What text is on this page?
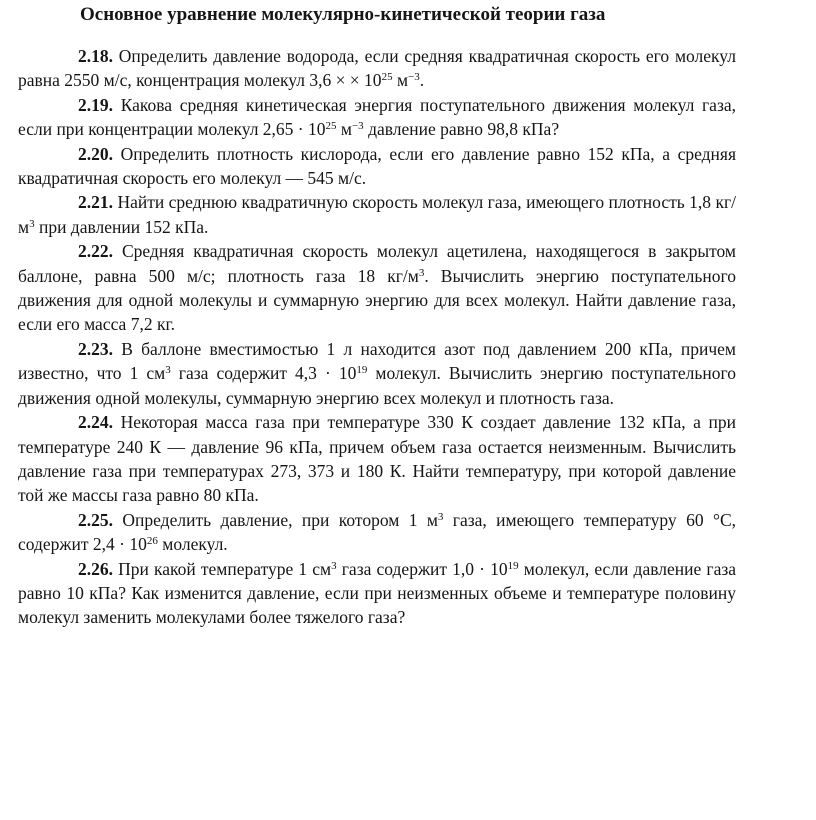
Основное уравнение молекулярно-кинетической теории газа

2.18. Определить давление водорода, если средняя квадратичная скорость его молекул равна 2550 м/с, концентрация молекул 3,6 × × $10^{25}$ $м^{-3}$.

2.19. Какова средняя кинетическая энергия поступательного движения молекул газа, если при концентрации молекул $2,65 \cdot 10^{25}$ $м^{-3}$ давление равно 98,8 кПа?

2.20. Определить плотность кислорода, если его давление равно 152 кПа, а средняя квадратичная скорость его молекул — 545 м/с.

2.21. Найти среднюю квадратичную скорость молекул газа, имеющего плотность 1,8 $кг/м^3$ при давлении 152 кПа.

2.22. Средняя квадратичная скорость молекул ацетилена, находящегося в закрытом баллоне, равна 500 м/с; плотность газа 18 $кг/м^3$. Вычислить энергию поступательного движения для одной молекулы и суммарную энергию для всех молекул. Найти давление газа, если его масса 7,2 кг.

2.23. В баллоне вместимостью 1 л находится азот под давлением 200 кПа, причем известно, что 1 $см^3$ газа содержит $4,3 \cdot 10^{19}$ молекул. Вычислить энергию поступательного движения одной молекулы, суммарную энергию всех молекул и плотность газа.

2.24. Некоторая масса газа при температуре 330 К создает давление 132 кПа, а при температуре 240 К — давление 96 кПа, причем объем газа остается неизменным. Вычислить давление газа при температурах 273, 373 и 180 К. Найти температуру, при которой давление той же массы газа равно 80 кПа.

2.25. Определить давление, при котором 1 $м^3$ газа, имеющего температуру 60 °С, содержит $2,4 \cdot 10^{26}$ молекул.

2.26. При какой температуре 1 $см^3$ газа содержит $1,0 \cdot 10^{19}$ молекул, если давление газа равно 10 кПа? Как изменится давление, если при неизменных объеме и температуре половину молекул заменить молекулами более тяжелого газа?
